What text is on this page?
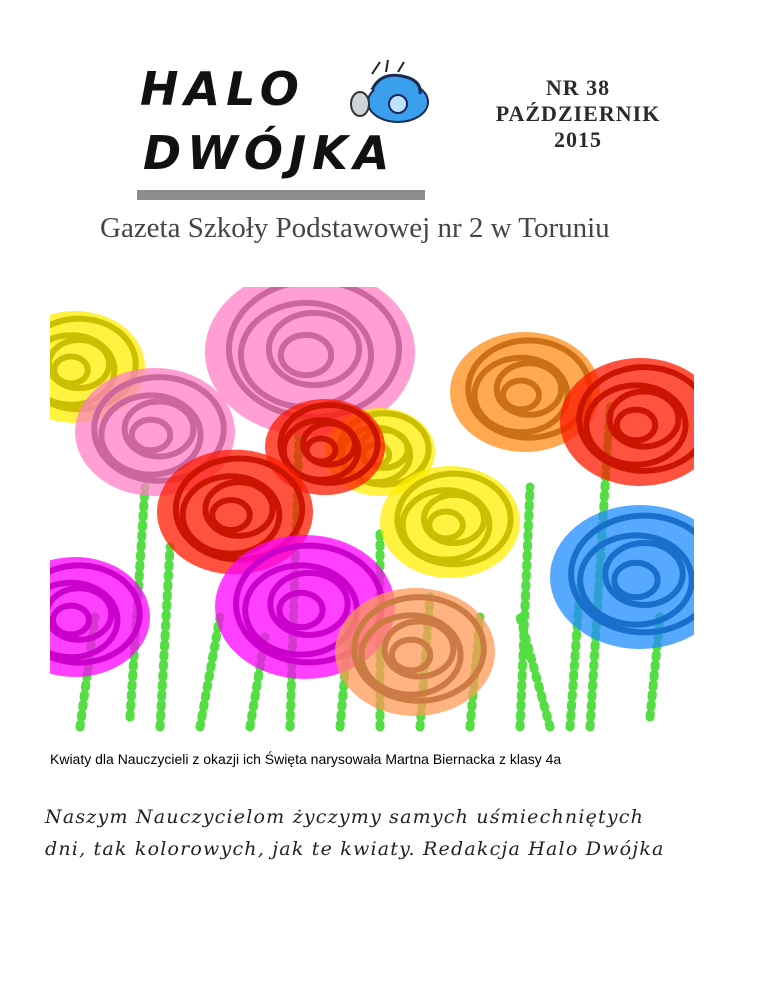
HALO
DWÓJKA
NR 38
PAŹDZIERNIK
2015
Gazeta Szkoły Podstawowej nr 2 w Toruniu
Kwiaty dla Nauczycieli z okazji ich Święta narysowała Martna Biernacka z klasy 4a
Naszym Nauczycielom życzymy samych uśmiechniętych
dni, tak kolorowych, jak te kwiaty. Redakcja Halo Dwójka
